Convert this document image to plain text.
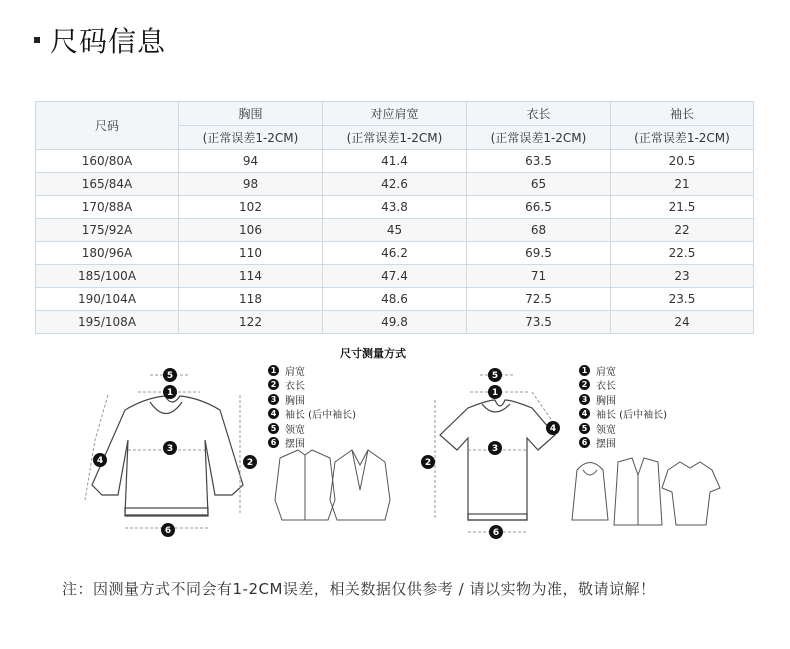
尺码信息
尺码	胸围	对应肩宽	衣长	袖长
	(正常误差1-2CM)	(正常误差1-2CM)	(正常误差1-2CM)	(正常误差1-2CM)
160/80A	94	41.4	63.5	20.5
165/84A	98	42.6	65	21
170/88A	102	43.8	66.5	21.5
175/92A	106	45	68	22
180/96A	110	46.2	69.5	22.5
185/100A	114	47.4	71	23
190/104A	118	48.6	72.5	23.5
195/108A	122	49.8	73.5	24
尺寸测量方式
5
1
3
4	2
6
5
1
3
4
2
6
1 肩宽
2 衣长
3 胸围
4 袖长 (后中袖长)
5 领宽
6 摆围
1 肩宽
2 衣长
3 胸围
4 袖长 (后中袖长)
5 领宽
6 摆围
注：因测量方式不同会有1-2CM误差，相关数据仅供参考 / 请以实物为准，敬请谅解！
